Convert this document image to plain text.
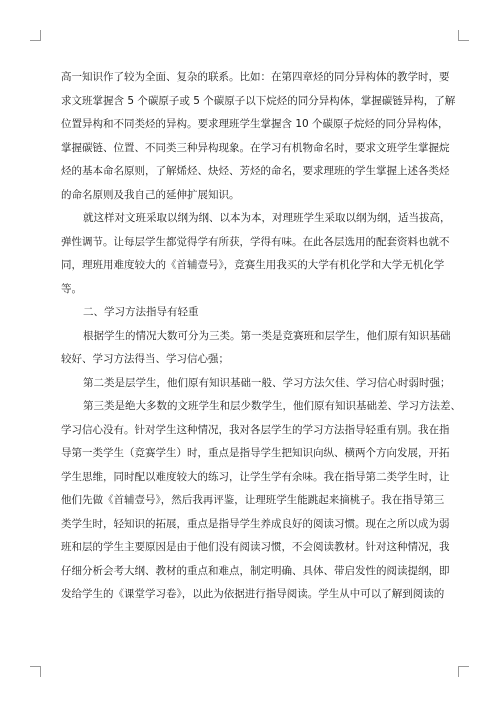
高一知识作了较为全面、复杂的联系。比如：在第四章烃的同分异构体的教学时，要
求文班掌握含 5 个碳原子或 5 个碳原子以下烷烃的同分异构体，掌握碳链异构，了解
位置异构和不同类烃的异构。要求理班学生掌握含 10 个碳原子烷烃的同分异构体，
掌握碳链、位置、不同类三种异构现象。在学习有机物命名时，要求文班学生掌握烷
烃的基本命名原则，了解烯烃、炔烃、芳烃的命名，要求理班的学生掌握上述各类烃
的命名原则及我自己的延伸扩展知识。
就这样对文班采取以纲为纲、以本为本，对理班学生采取以纲为纲，适当拔高，
弹性调节。让每层学生都觉得学有所获，学得有味。在此各层选用的配套资料也就不
同，理班用难度较大的《首辅壹号》，竞赛生用我买的大学有机化学和大学无机化学
等。
二、学习方法指导有轻重
根据学生的情况大数可分为三类。第一类是竞赛班和层学生，他们原有知识基础
较好、学习方法得当、学习信心强；
第二类是层学生，他们原有知识基础一般、学习方法欠佳、学习信心时弱时强；
第三类是绝大多数的文班学生和层少数学生，他们原有知识基础差、学习方法差、
学习信心没有。针对学生这种情况，我对各层学生的学习方法指导轻重有别。我在指
导第一类学生（竞赛学生）时，重点是指导学生把知识向纵、横两个方向发展，开拓
学生思维，同时配以难度较大的练习，让学生学有余味。我在指导第二类学生时，让
他们先做《首辅壹号》，然后我再评鉴，让理班学生能跳起来摘桃子。我在指导第三
类学生时，轻知识的拓展，重点是指导学生养成良好的阅读习惯。现在之所以成为弱
班和层的学生主要原因是由于他们没有阅读习惯，不会阅读教材。针对这种情况，我
仔细分析会考大纲、教材的重点和难点，制定明确、具体、带启发性的阅读提纲，即
发给学生的《课堂学习卷》，以此为依据进行指导阅读。学生从中可以了解到阅读的
